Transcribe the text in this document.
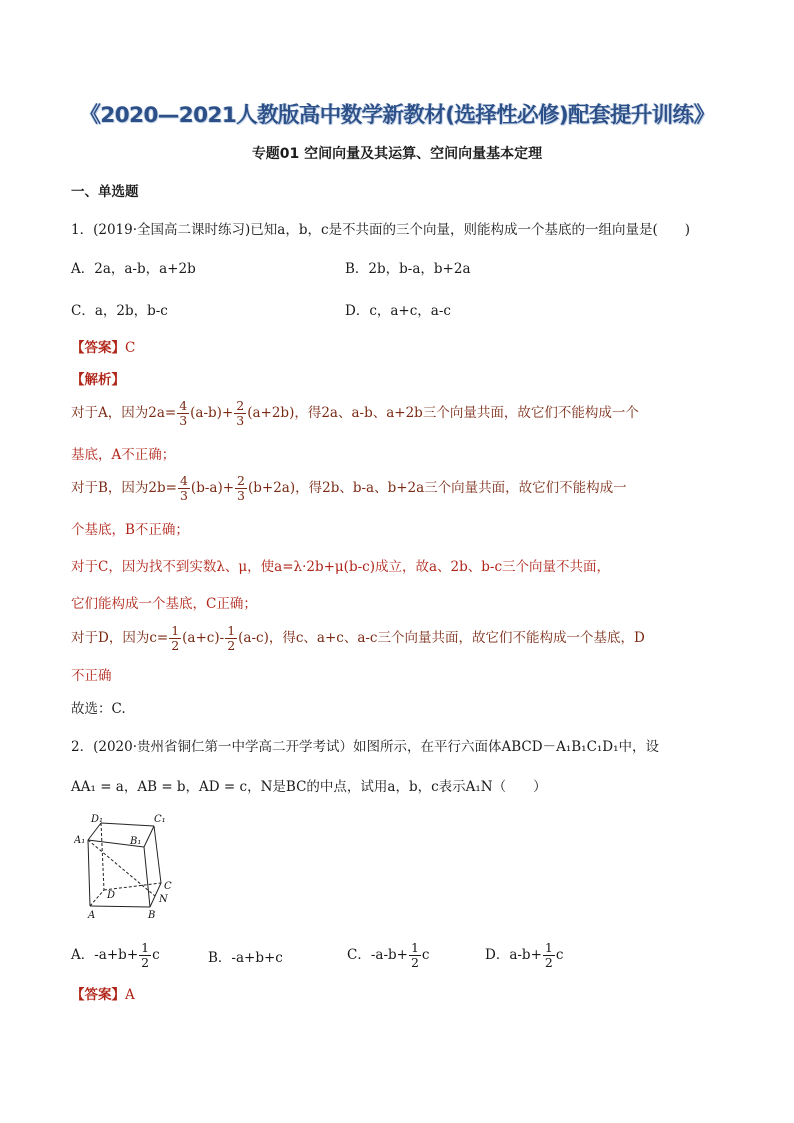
《2020—2021人教版高中数学新教材(选择性必修)配套提升训练》
专题01 空间向量及其运算、空间向量基本定理
一、单选题
1．(2019·全国高二课时练习)已知a，b，c是不共面的三个向量，则能构成一个基底的一组向量是(　　)
A．2a，a-b，a+2b	B．2b，b-a，b+2a
C．a，2b，b-c	D．c，a+c，a-c
【答案】C
【解析】
对于A，因为$2a= \frac{4}{3} (a-b)+ \frac{2}{3} (a+2b)$，得2a、a-b、a+2b三个向量共面，故它们不能构成一个
基底，A不正确；
对于B，因为$2b= \frac{4}{3} (b-a)+ \frac{2}{3} (b+2a)$，得2b、b-a、b+2a三个向量共面，故它们不能构成一
个基底，B不正确；
对于C，因为找不到实数λ、μ，使a=λ·2b+μ(b-c)成立，故a、2b、b-c三个向量不共面，
它们能构成一个基底，C正确；
对于D，因为$c= \frac{1}{2} (a+c)- \frac{1}{2} (a-c)$，得c、a+c、a-c三个向量共面，故它们不能构成一个基底，D
不正确
故选：C.
2．(2020·贵州省铜仁第一中学高二开学考试）如图所示，在平行六面体ABCD－A₁B₁C₁D₁中，设
AA₁ = a，AB = b，AD = c，N是BC的中点，试用a，b，c表示A₁N（　　）
D₁	C₁
A₁	B₁
C
D	N
A	B
A．$-a+b+ \frac{1}{2}$ c	B．-a+b+c	C．$-a-b+ \frac{1}{2}$ c	D．$a-b+ \frac{1}{2}$ c
【答案】A
